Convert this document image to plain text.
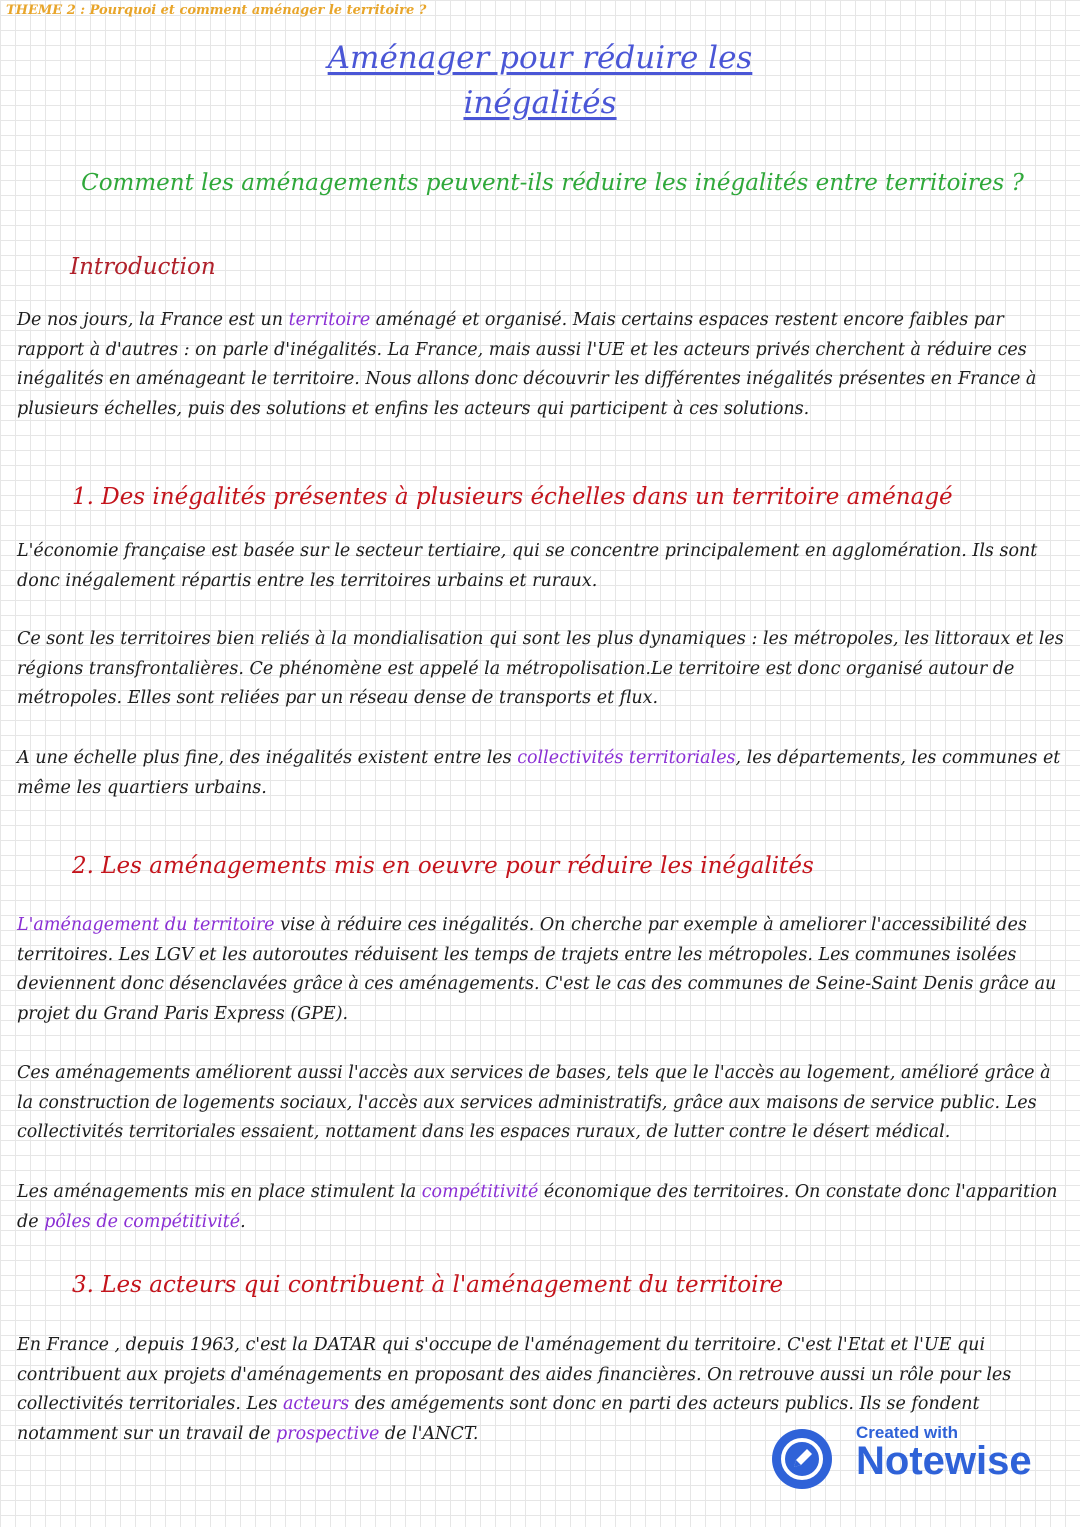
THEME 2 : Pourquoi et comment aménager le territoire ?
Aménager pour réduire les
inégalités
Comment les aménagements peuvent-ils réduire les inégalités entre territoires ?
Introduction

De nos jours, la France est un territoire aménagé et organisé. Mais certains espaces restent encore faibles par rapport à d'autres : on parle d'inégalités. La France, mais aussi l'UE et les acteurs privés cherchent à réduire ces inégalités en aménageant le territoire. Nous allons donc découvrir les différentes inégalités présentes en France à plusieurs échelles, puis des solutions et enfins les acteurs qui participent à ces solutions.

1. Des inégalités présentes à plusieurs échelles dans un territoire aménagé

L'économie française est basée sur le secteur tertiaire, qui se concentre principalement en agglomération. Ils sont donc inégalement répartis entre les territoires urbains et ruraux.

Ce sont les territoires bien reliés à la mondialisation qui sont les plus dynamiques : les métropoles, les littoraux et les régions transfrontalières. Ce phénomène est appelé la métropolisation.Le territoire est donc organisé autour de métropoles. Elles sont reliées par un réseau dense de transports et flux.

A une échelle plus fine, des inégalités existent entre les collectivités territoriales, les départements, les communes et même les quartiers urbains.

2. Les aménagements mis en oeuvre pour réduire les inégalités

L'aménagement du territoire vise à réduire ces inégalités. On cherche par exemple à ameliorer l'accessibilité des territoires. Les LGV et les autoroutes réduisent les temps de trajets entre les métropoles. Les communes isolées deviennent donc désenclavées grâce à ces aménagements. C'est le cas des communes de Seine-Saint Denis grâce au projet du Grand Paris Express (GPE).

Ces aménagements améliorent aussi l'accès aux services de bases, tels que le l'accès au logement, amélioré grâce à la construction de logements sociaux, l'accès aux services administratifs, grâce aux maisons de service public. Les collectivités territoriales essaient, nottament dans les espaces ruraux, de lutter contre le désert médical.

Les aménagements mis en place stimulent la compétitivité économique des territoires. On constate donc l'apparition de pôles de compétitivité.

3. Les acteurs qui contribuent à l'aménagement du territoire

En France , depuis 1963, c'est la DATAR qui s'occupe de l'aménagement du territoire. C'est l'Etat et l'UE qui contribuent aux projets d'aménagements en proposant des aides financières. On retrouve aussi un rôle pour les collectivités territoriales. Les acteurs des amégements sont donc en parti des acteurs publics. Ils se fondent notamment sur un travail de prospective de l'ANCT.	Created with
Notewise
